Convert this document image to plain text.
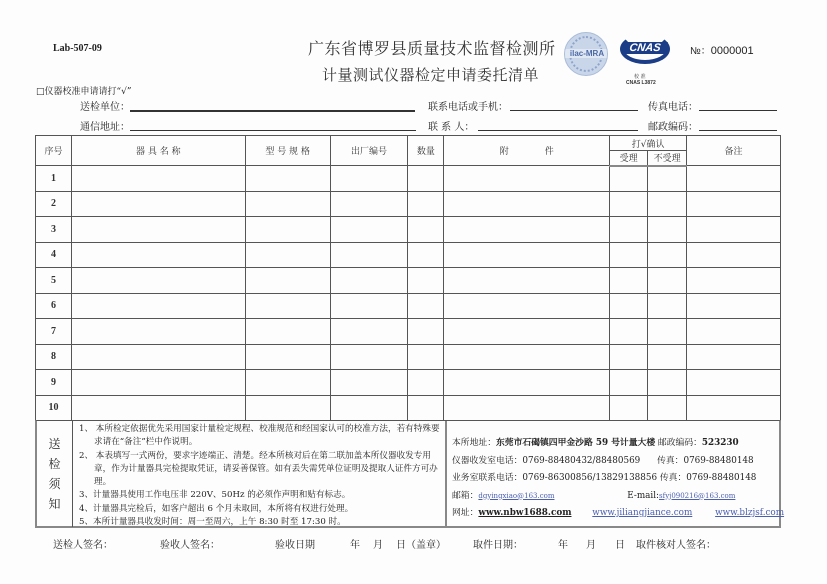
Lab-507-09	广东省博罗县质量技术监督检测所
计量测试仪器检定申请委托清单
ilac-MRA	CNAS
校 准
CNAS L3872
№：0000001
□仪器校准申请请打“√”
送检单位：	联系电话或手机：	传真电话：
通信地址：	联 系 人：	邮政编码：
序号	器 具 名 称	型 号 规 格	出厂编号	数量	附　　　　件	打√确认		备注
						受理	不受理	
1								
2								
3								
4								
5								
6								
7								
8								
9								
10								
送
检
须
知
1、 本所检定依据优先采用国家计量检定规程、校准规范和经国家认可的校准方法，若有特殊要求请在“备注”栏中作说明。
2、 本表填写一式两份，要求字迹端正、清楚。经本所核对后在第二联加盖本所仪器收发专用章，作为计量器具完检提取凭证，请妥善保管。如有丢失需凭单位证明及提取人证件方可办理。
3、计量器具使用工作电压非 220V、50Hz 的必须作声明和贴有标志。
4、计量器具完检后，如客户超出 6 个月未取回，本所将有权进行处理。
5、本所计量器具收发时间：周一至周六，上午 8:30 时至 17:30 时。
本所地址：东莞市石碣镇四甲金沙路 59 号计量大楼 邮政编码：523230
仪器收发室电话：0769-88480432/88480569 传真：0769-88480148
业务室联系电话：0769-86300856/13829138856 传真：0769-88480148
邮箱：dgyingxiao@163.com	E-mail:sfyj090216@163.com
网址：www.nbw1688.com www.jiliangjiance.com	www.blzjsf.com
送检人签名：	验收人签名：	验收日期	年 月 日（盖章）	取件日期：	年 月 日 取件核对人签名：
